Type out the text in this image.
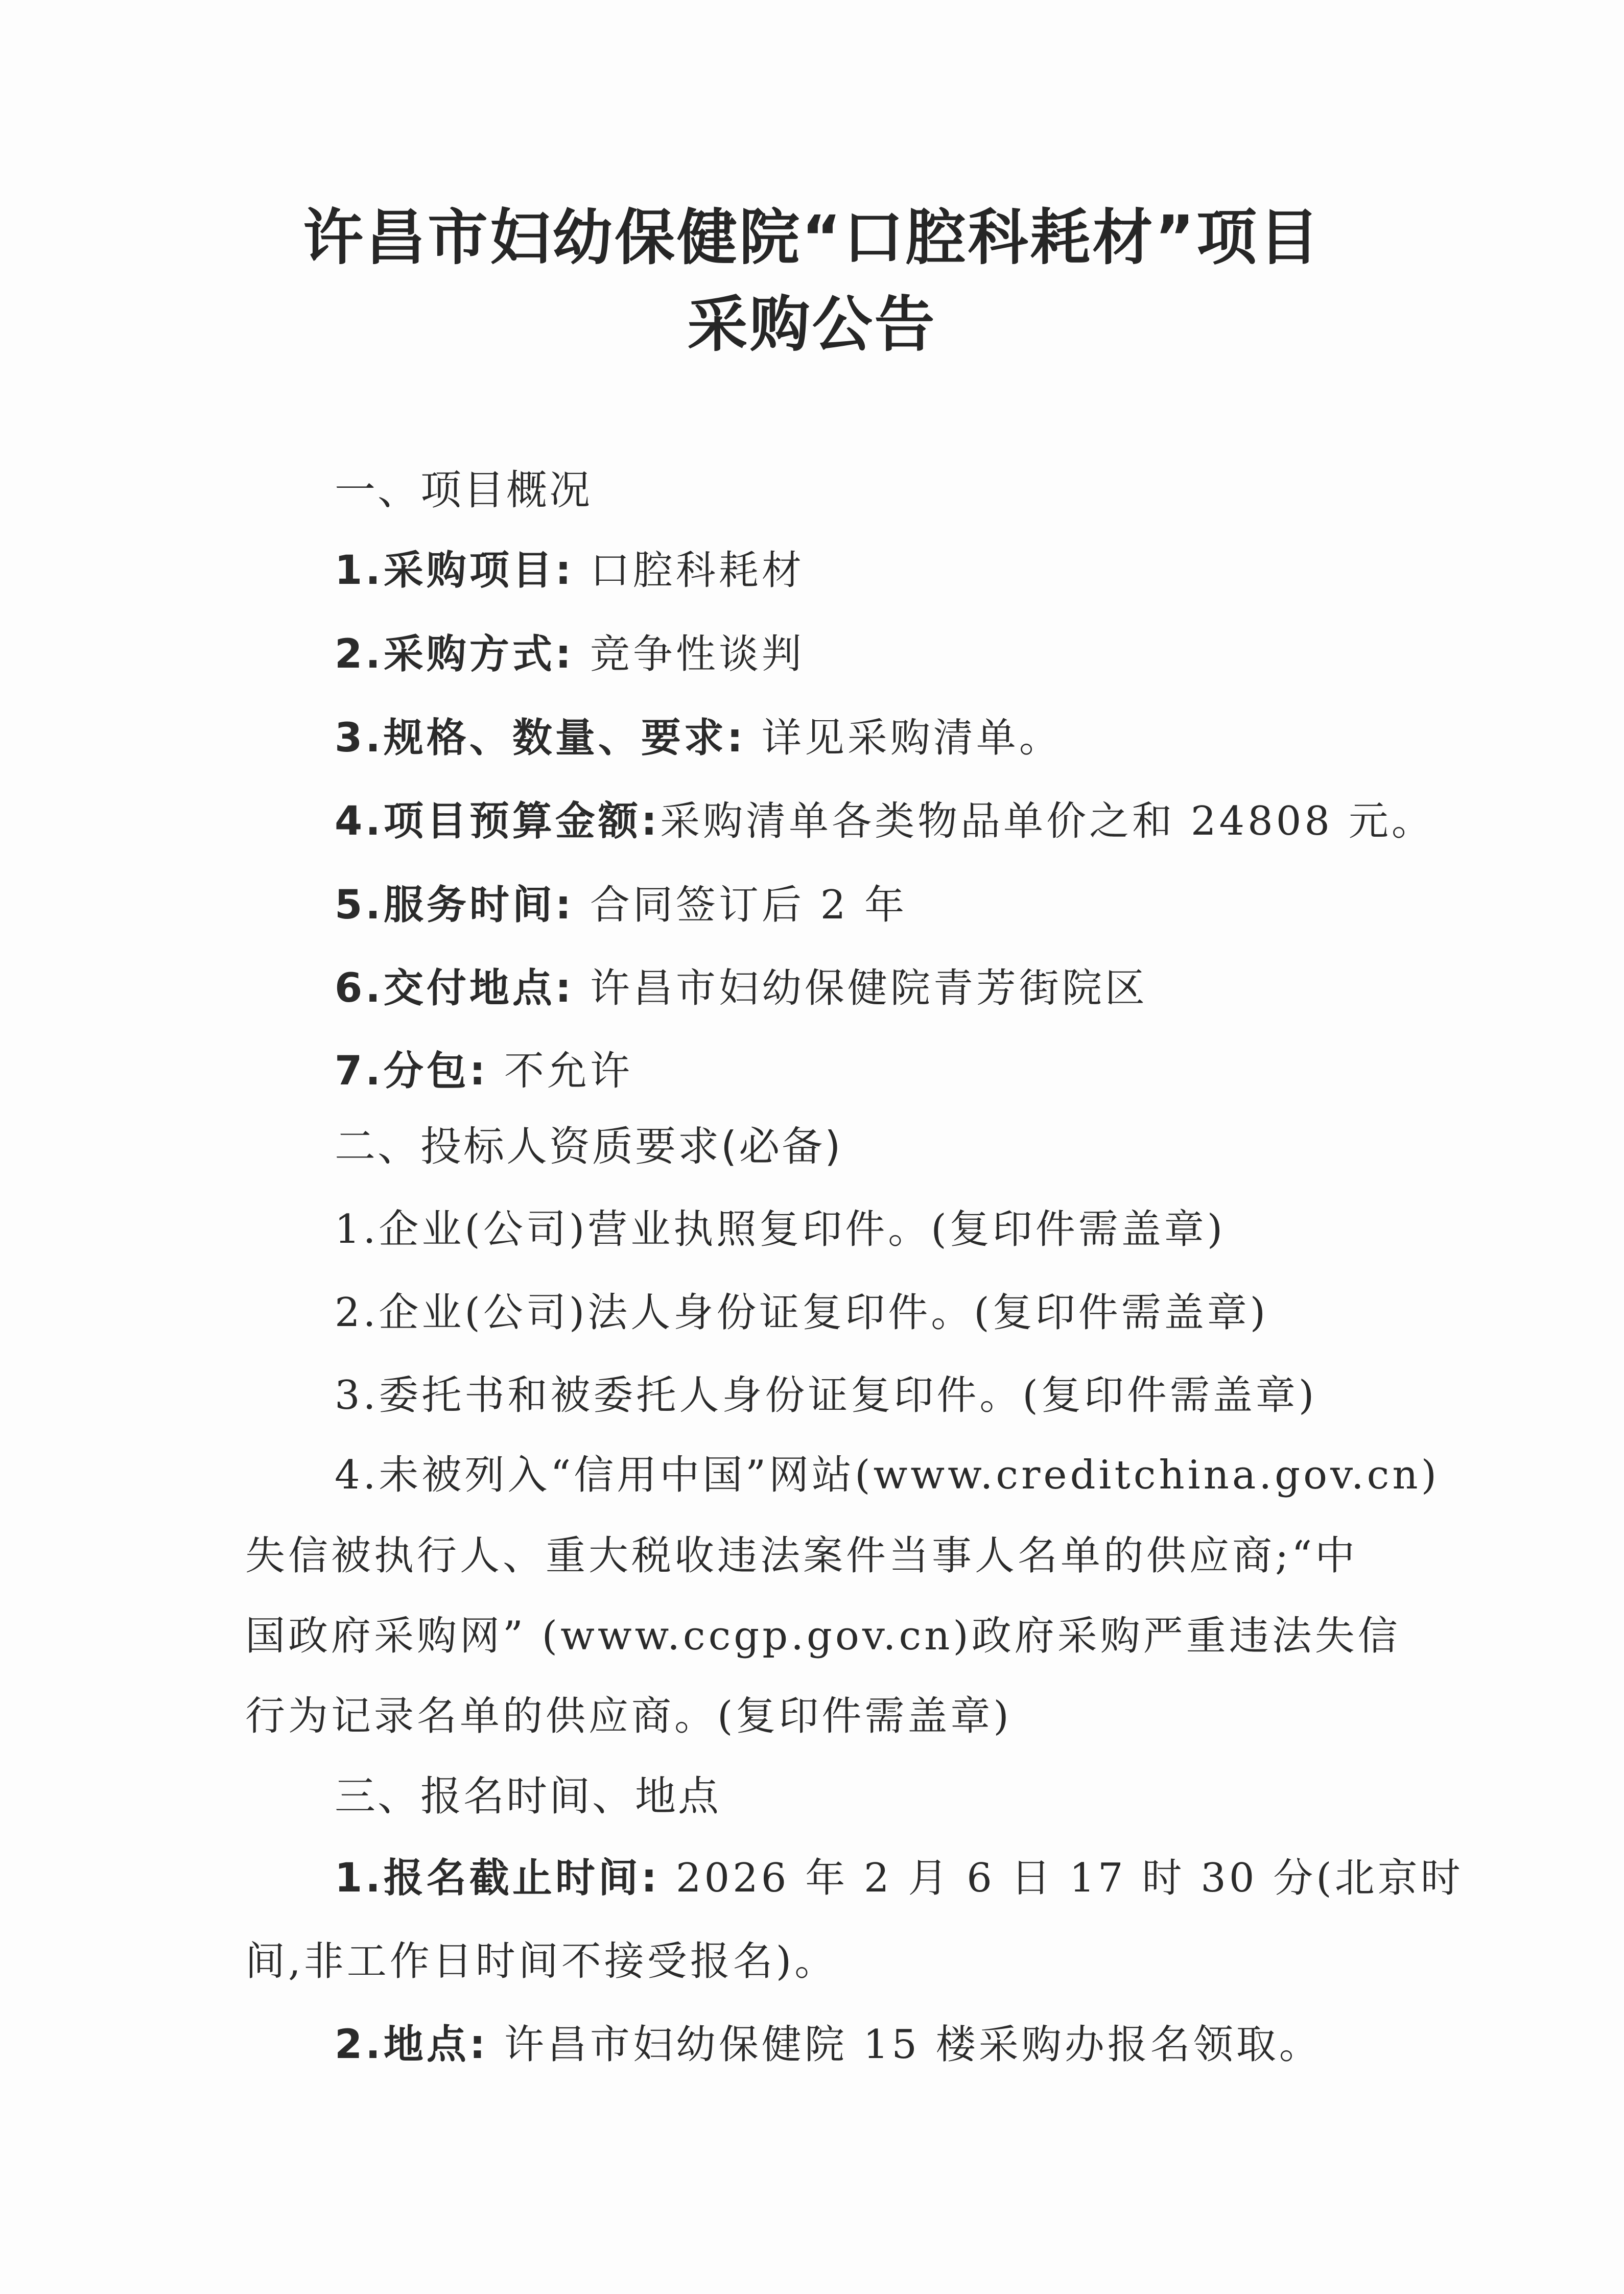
许昌市妇幼保健院“口腔科耗材”项目
采购公告
一、项目概况
1.采购项目: 口腔科耗材
2.采购方式: 竞争性谈判
3.规格、数量、要求: 详见采购清单。
4.项目预算金额:采购清单各类物品单价之和 24808 元。
5.服务时间: 合同签订后 2 年
6.交付地点: 许昌市妇幼保健院青芳街院区
7.分包: 不允许
二、投标人资质要求(必备)
1.企业(公司)营业执照复印件。(复印件需盖章)
2.企业(公司)法人身份证复印件。(复印件需盖章)
3.委托书和被委托人身份证复印件。(复印件需盖章)
4.未被列入“信用中国”网站(www.creditchina.gov.cn)
失信被执行人、重大税收违法案件当事人名单的供应商;“中
国政府采购网” (www.ccgp.gov.cn)政府采购严重违法失信
行为记录名单的供应商。(复印件需盖章)
三、报名时间、地点
1.报名截止时间: 2026 年 2 月 6 日 17 时 30 分(北京时
间,非工作日时间不接受报名)。
2.地点: 许昌市妇幼保健院 15 楼采购办报名领取。
